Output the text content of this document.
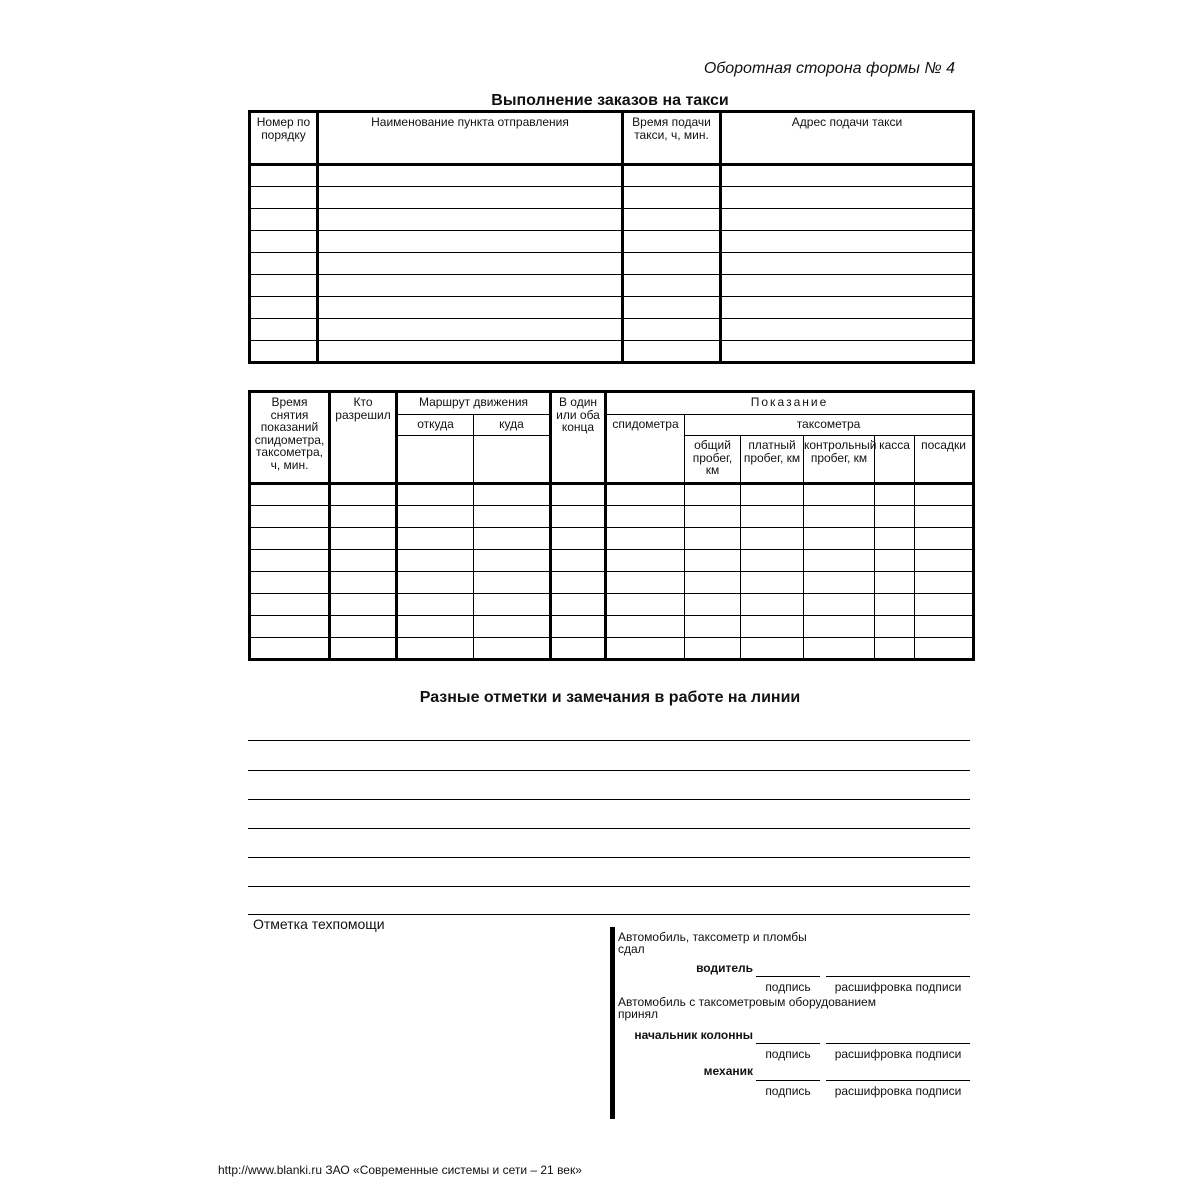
Оборотная сторона формы № 4
Выполнение заказов на такси
Номер по порядку	Наименование пункта отправления	Время подачи такси, ч, мин.	Адрес подачи такси

Время снятия показаний спидометра, таксометра, ч, мин.	Кто разрешил	Маршрут движения		В один или оба конца	Показание					
		откуда	куда		спидометра	таксометра				
						общий пробег, км	платный пробег, км	контрольный пробег, км	касса	посадки

Разные отметки и замечания в работе на линии
Отметка техпомощи
Автомобиль, таксометр и пломбы сдал
водитель
подпись	расшифровка подписи
Автомобиль с таксометровым оборудованием принял
начальник колонны
подпись	расшифровка подписи
механик
подпись	расшифровка подписи
http://www.blanki.ru ЗАО «Современные системы и сети – 21 век»
